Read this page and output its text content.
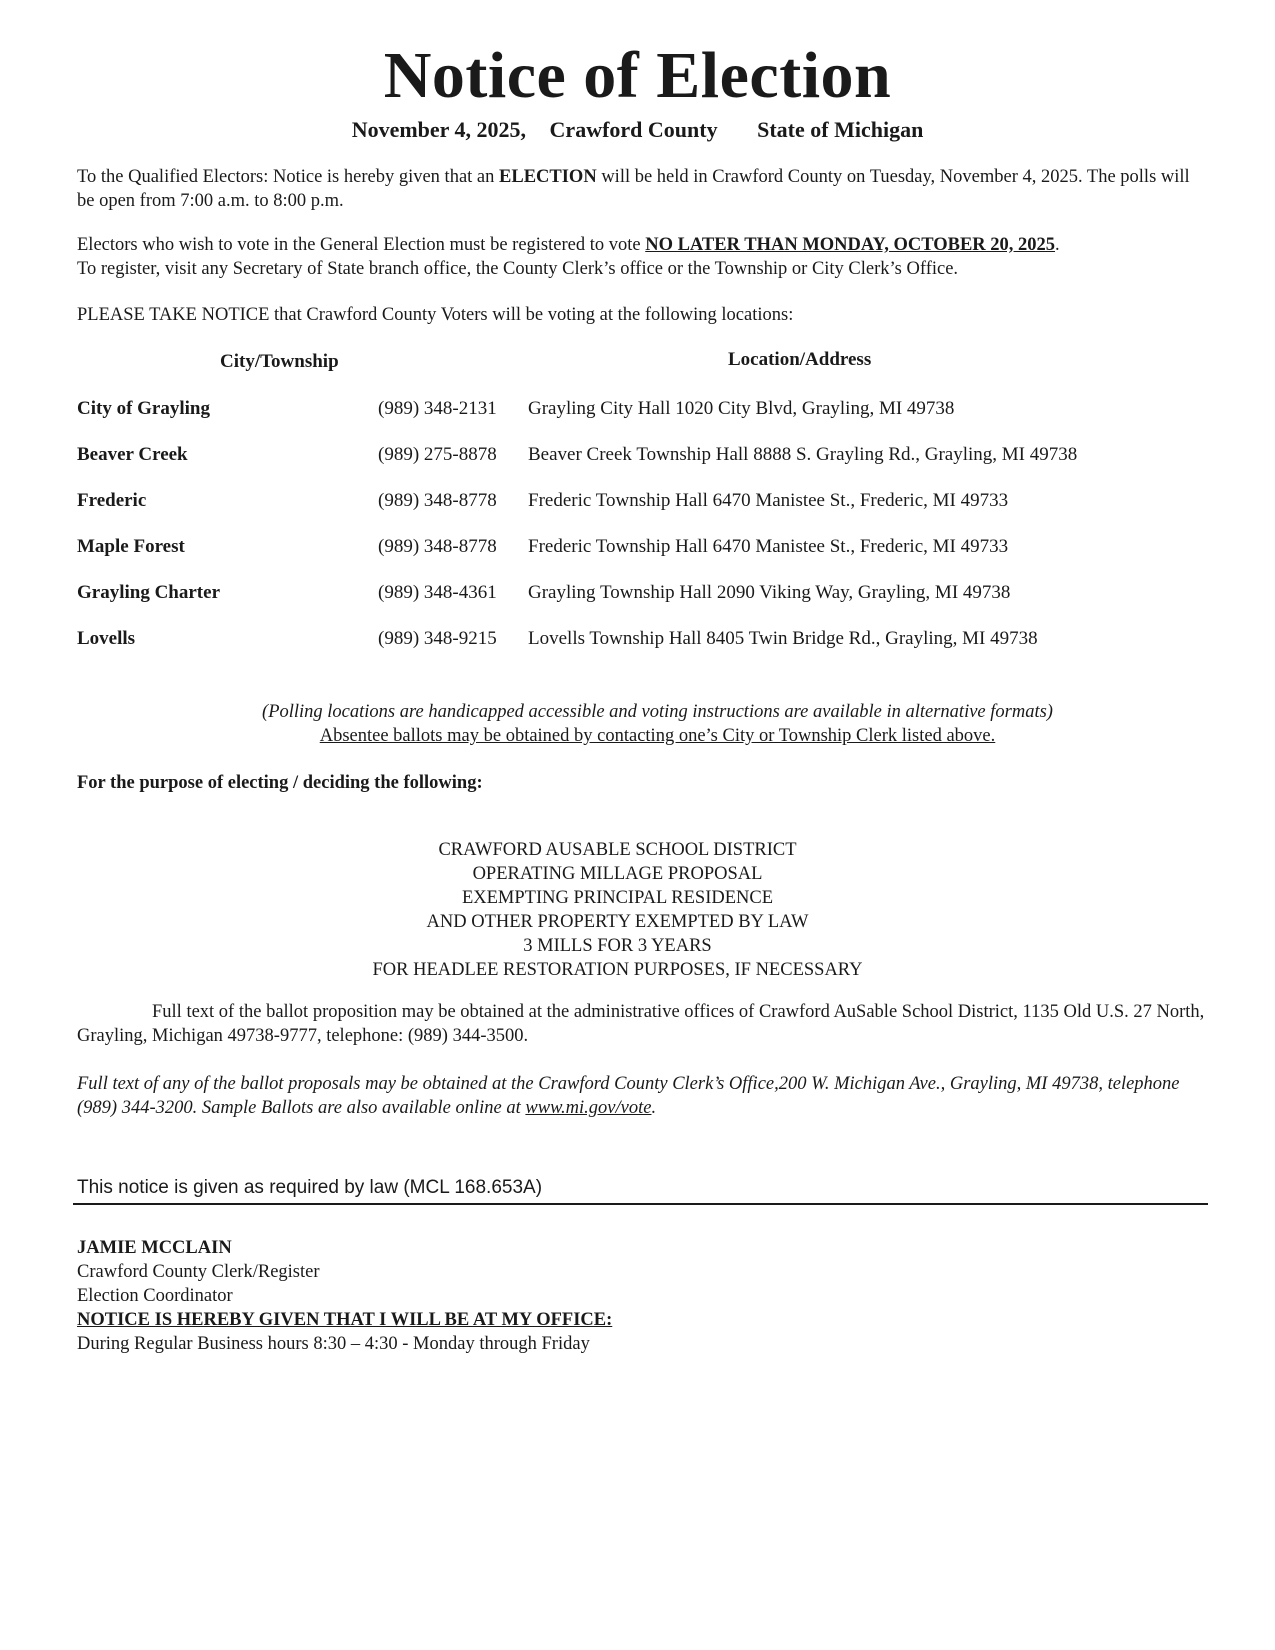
Notice of Election
November 4, 2025, Crawford County State of Michigan
To the Qualified Electors: Notice is hereby given that an ELECTION will be held in Crawford County on Tuesday, November 4, 2025. The polls will be open from 7:00 a.m. to 8:00 p.m.
Electors who wish to vote in the General Election must be registered to vote NO LATER THAN MONDAY, OCTOBER 20, 2025.
To register, visit any Secretary of State branch office, the County Clerk’s office or the Township or City Clerk’s Office.
PLEASE TAKE NOTICE that Crawford County Voters will be voting at the following locations:
City/Township	Location/Address
City of Grayling	(989) 348-2131 Grayling City Hall 1020 City Blvd, Grayling, MI 49738
Beaver Creek	(989) 275-8878 Beaver Creek Township Hall 8888 S. Grayling Rd., Grayling, MI 49738
Frederic	(989) 348-8778 Frederic Township Hall 6470 Manistee St., Frederic, MI 49733
Maple Forest	(989) 348-8778 Frederic Township Hall 6470 Manistee St., Frederic, MI 49733
Grayling Charter	(989) 348-4361 Grayling Township Hall 2090 Viking Way, Grayling, MI 49738
Lovells	(989) 348-9215 Lovells Township Hall 8405 Twin Bridge Rd., Grayling, MI 49738
(Polling locations are handicapped accessible and voting instructions are available in alternative formats)
Absentee ballots may be obtained by contacting one’s City or Township Clerk listed above.
For the purpose of electing / deciding the following:
CRAWFORD AUSABLE SCHOOL DISTRICT
OPERATING MILLAGE PROPOSAL
EXEMPTING PRINCIPAL RESIDENCE
AND OTHER PROPERTY EXEMPTED BY LAW
3 MILLS FOR 3 YEARS
FOR HEADLEE RESTORATION PURPOSES, IF NECESSARY
Full text of the ballot proposition may be obtained at the administrative offices of Crawford AuSable School District, 1135 Old U.S. 27 North, Grayling, Michigan 49738-9777, telephone: (989) 344-3500.
Full text of any of the ballot proposals may be obtained at the Crawford County Clerk’s Office,200 W. Michigan Ave., Grayling, MI 49738, telephone (989) 344-3200. Sample Ballots are also available online at www.mi.gov/vote.
This notice is given as required by law (MCL 168.653A)
JAMIE MCCLAIN
Crawford County Clerk/Register
Election Coordinator
NOTICE IS HEREBY GIVEN THAT I WILL BE AT MY OFFICE:
During Regular Business hours 8:30 – 4:30 - Monday through Friday
